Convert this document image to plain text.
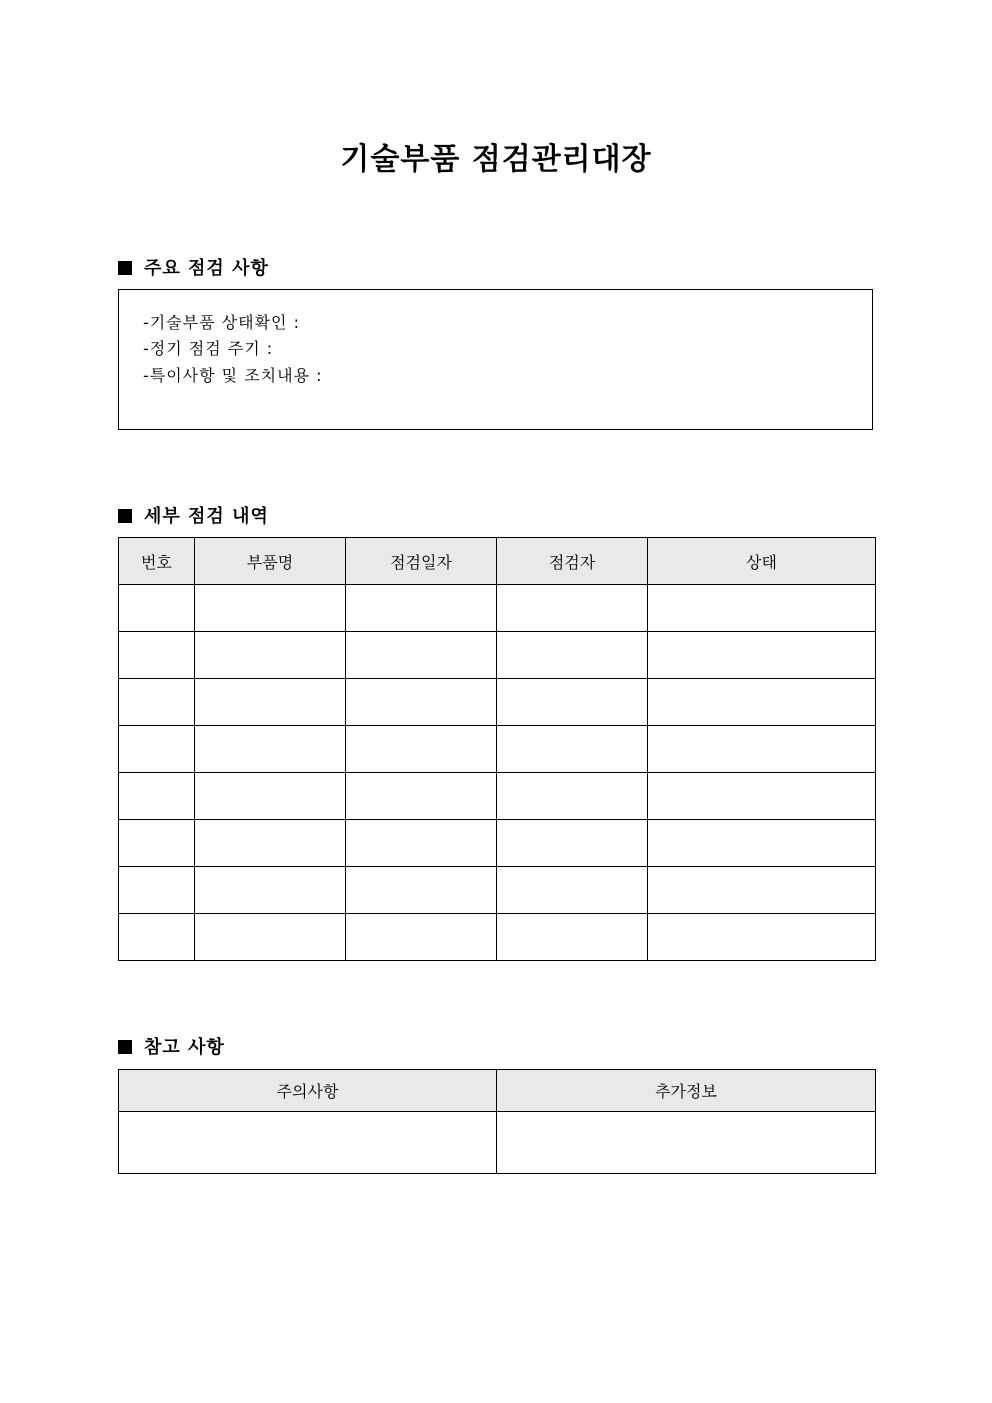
기술부품 점검관리대장
주요 점검 사항
-기술부품 상태확인 :
-정기 점검 주기 :
-특이사항 및 조치내용 :
세부 점검 내역
번호	부품명	점검일자	점검자	상태

참고 사항
주의사항	추가정보
